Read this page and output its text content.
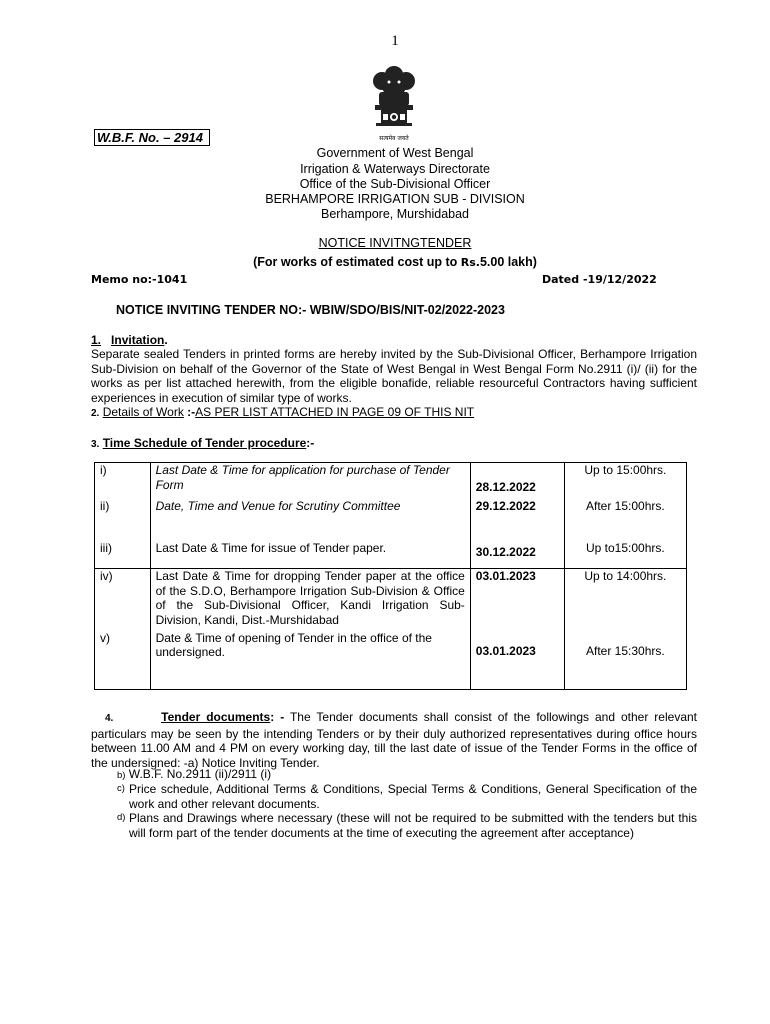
1
सत्यमेव जयते
W.B.F. No. – 2914
Government of West Bengal
Irrigation & Waterways Directorate
Office of the Sub-Divisional Officer
BERHAMPORE IRRIGATION SUB - DIVISION
Berhampore, Murshidabad
NOTICE INVITNGTENDER
(For works of estimated cost up to Rs.5.00 lakh)
Memo no:-1041	Dated -19/12/2022
NOTICE INVITING TENDER NO:- WBIW/SDO/BIS/NIT-02/2022-2023
1. Invitation.
Separate sealed Tenders in printed forms are hereby invited by the Sub-Divisional Officer, Berhampore Irrigation Sub-Division on behalf of the Governor of the State of West Bengal in West Bengal Form No.2911 (i)/ (ii) for the works as per list attached herewith, from the eligible bonafide, reliable resourceful Contractors having sufficient experiences in execution of similar type of works.
2. Details of Work :-AS PER LIST ATTACHED IN PAGE 09 OF THIS NIT
3. Time Schedule of Tender procedure:-
i)	Last Date & Time for application for purchase of Tender Form	28.12.2022	Up to 15:00hrs.
ii)	Date, Time and Venue for Scrutiny Committee	29.12.2022	After 15:00hrs.
iii)	Last Date & Time for issue of Tender paper.	30.12.2022	Up to15:00hrs.
iv)	Last Date & Time for dropping Tender paper at the office of the S.D.O, Berhampore Irrigation Sub-Division & Office of the Sub-Divisional Officer, Kandi Irrigation Sub-Division, Kandi, Dist.-Murshidabad	03.01.2023	Up to 14:00hrs.
v)	Date & Time of opening of Tender in the office of the undersigned.	03.01.2023	After 15:30hrs.
4.	Tender documents: - The Tender documents shall consist of the followings and other relevant particulars may be seen by the intending Tenders or by their duly authorized representatives during office hours between 11.00 AM and 4 PM on every working day, till the last date of issue of the Tender Forms in the office of the undersigned: -a) Notice Inviting Tender.
b) W.B.F. No.2911 (ii)/2911 (i)
c) Price schedule, Additional Terms & Conditions, Special Terms & Conditions, General Specification of the work and other relevant documents.
d) Plans and Drawings where necessary (these will not be required to be submitted with the tenders but this will form part of the tender documents at the time of executing the agreement after acceptance)
